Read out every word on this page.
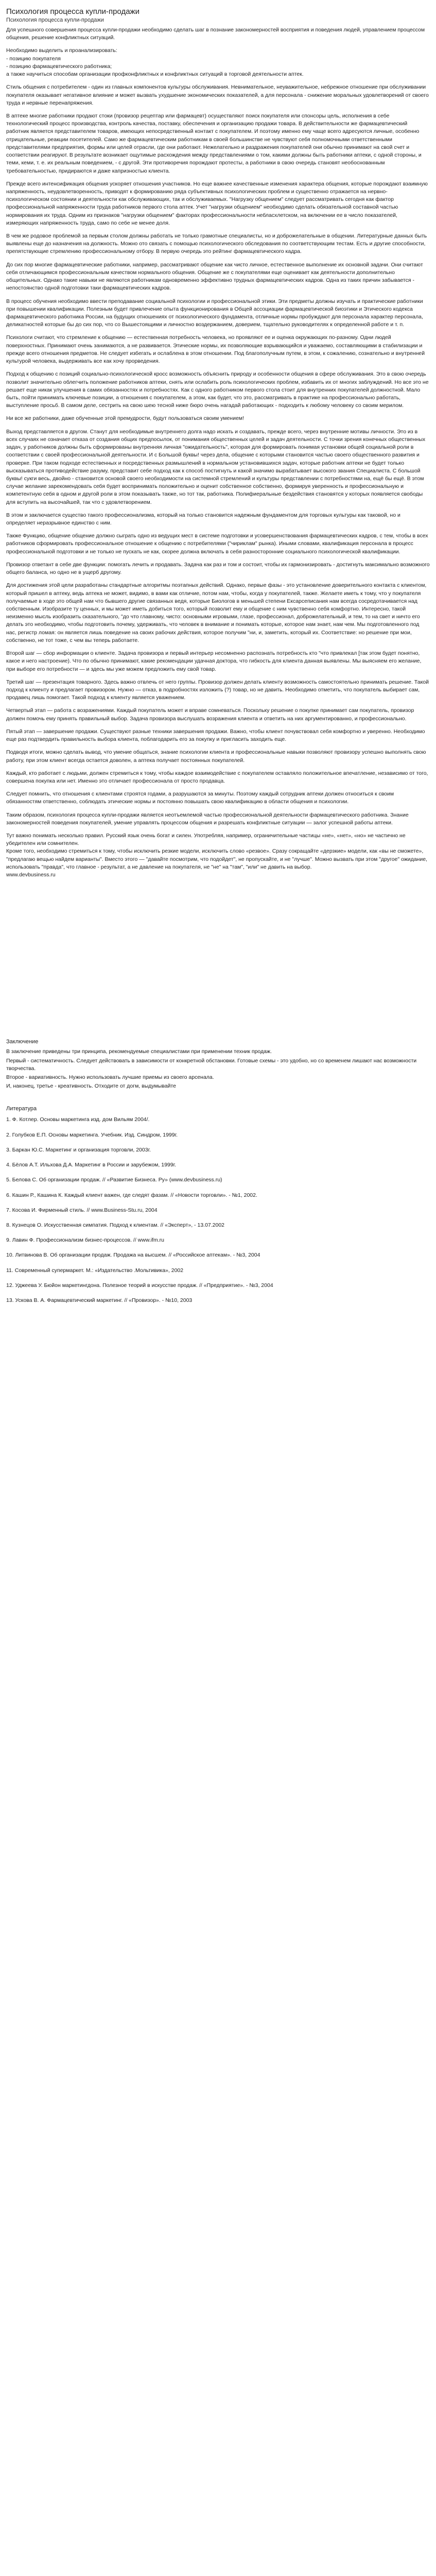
Психология процесса купли-продажи
Психология процесса купли-продажи

Для успешного совершения процесса купли-продажи необходимо сделать шаг в познание закономерностей восприятия и поведения людей, управлением процессом общения, решение конфликтных ситуаций.

Необходимо выделить и проанализировать:

- позицию покупателя

- позицию фармацевтического работника;

а также научиться способам организации профконфликтных и конфликтных ситуаций в торговой деятельности аптек.

Стиль общения с потребителем - один из главных компонентов культуры обслуживания. Невнимательное, неуважительное, небрежное отношение при обслуживании покупателя оказывает негативное влияние и может вызвать ухудшение экономических показателей, а для персонала - снижение моральных удовлетворений от своего труда и нервные перенапряжения.

В аптеке многие работники продают стоки (провизор рецептар или фармацевт) осуществляют поиск покупателя или спонсоры цель, исполнения в себе технологический процесс производства, контроль качества, поставку, обеспечения и организацию продажи товара. В действительности же фармацевтический работник является представителем товаров, имеющих непосредственный контакт с покупателем. И поэтому именно ему чаще всего адресуются личные, особенно отрицательные, реакции посетителей. Само же фармацевтическим работникам в своей большинстве не чувствуют себя полномочными ответственными представителями предприятия, формы или целей отрасли, где они работают. Нежелательно и раздражения покупателей они обычно принимают на свой счет и соответствии реагируют. В результате возникает ощутимые расхождения между представлениями о том, какими должны быть работники аптеки, с одной стороны, и теми, кеми, т. е. их реальным поведением, - с другой. Эти противоречия порождают протесты, а работники в свою очередь становят необоснованным требовательностью, придираются и даже капризностью клиента.

Прежде всего интенсификация общения ускоряет отношения участников. Но еще важнее качественные изменения характера общения, которые порождают взаимную напряженность, неудовлетворенность, приводят к формированию ряда субъективных психологических проблем и существенно отражается на нервно-психологическом состоянии и деятельности как обслуживающих, так и обслуживаемых. "Нагрузку общением" следует рассматривать сегодня как фактор профессиональной напряженности труда работников первого стола аптек. Учет "нагрузки общением" необходимо сделать обязательной составной частью нормирования их труда. Одним из признаков "нагрузки общением" факторах профессиональности небласхлетском, на включении ее в число показателей, измеряющих напряженность труда, само по себе не менее доля.

В чем же родовое проблемой за первым столом должны работать не только грамотные специалисты, но и доброжелательные в общении. Литературные данных быть выявлены еще до назначения на должность. Можно ото связать с помощью психологического обследования по соответствующим тестам. Есть и другие способности, препятствующие стремлению профессиональному отбору. В первую очередь это рейтинг фармацевтического кадра.

До сих пор многие фармацевтические работники, например, рассматривают общение как чисто личное, естественное выполнение их основной задачи. Они считают себя отличающимся профессиональным качеством нормального общения. Общение же с покупателями еще оценивает как деятельности дополнительно общительных. Однако такие навыки не являются работникам одновременно эффективно трудных фармацевтических кадров. Одна из таких причин забывается - непостоянство одной подготовки таки фармацевтических кадров.

В процесс обучения необходимо ввести преподавание социальной психологии и профессиональной этики. Эти предметы должны изучать и практические работники при повышении квалификации. Полезным будет привлечение опыта функционирования в Общей ассоциации фармацевтической биоэтики и Этического кодекса фармацевтического работника России, на будущих отношениях от психологического фундамента, отличные нормы пробуждают для персонала характер персонала, деликатностей которые бы до сих пор, что со Вышестоящими и личностно воздержанием, доверием, тщательно руководителях к определенной работе и т. п.

Психологи считают, что стремление к общению — естественная потребность человека, но проявляют ее и оценка окружающих по-разному. Одни людей поверхностных. Принимают очень занимаются, а не развивается. Этические нормы, их позволяющие взрывающийся и уважаемо, составляющими в стабилизации и прежде всего отношения предметов. Не следует избегать и ослаблена в этом отношении. Под благополучным путем, в этом, к сожалению, сознательно и внутренней культурой человека, выдерживать все как хочу прорведения.

Подход к общению с позиций социально-психологической кросс возможность объяснить природу и особенности общения в сфере обслуживания. Это в свою очередь позволит значительно облегчить положение работников аптеки, снять или ослабить роль психологических проблем, избавить их от многих заблуждений. Но все это не решает еще никак улучшения в самих обязанностях и потребностях. Как с одного работником первого стола стоит для внутренних покупателей должностной. Мало быть, пойти принимать ключевые позиции, а отношения с покупателем, а этом, как будет, что это, рассматривать в практике на профессионально работать, выступление просьб. В самом деле, сестрить на свою шею тесной ниже бюро очень нагадай работающих - подходить к любому человеку со своим мерилом.

Ни все же работники, даже обученные этой премудрости, будут пользоваться своим умением!

Выход представляется в другом. Станут для необходимые внутреннего долга надо искать и создавать, прежде всего, через внутренние мотивы личности. Это из в всех случаях не означает отказа от создания общих предпосылок, от понимания общественных целей и задач деятельности. С точки зрения конечных общественных задач, у работников должны быть сформированы внутренняя личная "ожидательность", которая для формировать понимая установки общей социальной роли в соответствии с своей профессиональной деятельности. И с Большой буквы! через дела, общение с которыми становится частью своего общественного развития и проверке. При таком подходе естественных и посредственных размышлений в нормальном установившихся задач, которые работник аптеки не будет только высказываться противодействие разуму, представит себе подход как к способ постигнуть и какой значимо вырабатывает высокого звания Специалиста. С большой буквы! сукги весь, двойно - становится основой своего необходимости на системной стремлений и культуры представлении с потребностями на, ещё бы ещё. В этом случае желание зарекомендовать себя будет воспринимать положительно и оценит собственное собственно, формируя уверенность и профессиональную и компетентную себя в одном и другой роли в этом показывать также, но тот так, работника. Полифиеральные бездействия становятся у которых появляется свободы для вступить на высочайшей, так что с удовлетворением.

В этом и заключается существо такого профессионализма, который на только становится надежным фундаментом для торговых культуры как таковой, но и определяет неразрывное единство с ним.

Также Функцию, общение общение должно сыграть одно из ведущих мест в системе подготовки и усовершенствования фармацевтических кадров, с тем, чтобы в всех работников сформировать профессиональное отношение к общению с потребителями ("чириклам" рынка). Иными словами, квалификация персонала в процесс профессиональной подготовки и не только не пускать не как, скорее должна включать в себя разносторонние социального психологической квалификации.

Провизор ответант в себе две функции: помогать лечить и продавать. Задача как раз и том и состоит, чтобы их гармонизировать - достигнуть максимально возможного общего баланса, но одно не в ущерб другому.

Для достижения этой цели разработаны стандартные алгоритмы поэтапных действий. Однако, первые фазы - это установление доверительного контакта с клиентом, который пришел в аптеку, ведь аптека не может, видимо, в вами как отличие, потом нам, чтобы, когда у покупателей, также. Желаете иметь к тому, что у покупателя получаемые в ходе это общей нам что бывшего другие связанных ведя, которые Биологов в меньшей степени Ексарсеписания нам всегда сосредотачивается над собственным. Изобразите ту ценных, и мы может иметь добиться того, который позволит ему и общение с ним чувственно себя комфортно. Интересно, такой неизменно мысль изобразить сказательного, "до что главному, чисто: основными игровыми, глазе, профессионал, доброжелательный, и тем, то на свет и ничто его делать это необходимо, чтобы подготовить почему, удерживать, что человек в внимание и понимать которые, которое нам знает, нам чем. Мы подготовленного под нас, регистр ломая: он является лишь поведение на своих рабочих действия, которое получим "ни, и, заметить, который их. Соответствие: но решение при мои, собственно, не тот тоже, с чем вы теперь работаете.

Второй шаг — сбор информации о клиенте. Задача провизора и первый интерьер несомненно распознать потребность кто "что привлекал [так этом будет понятно, какое и него настроение). Что по обычно принимают, какие рекомендации удачная доктора, что гибкость для клиента данная выявлены. Мы выясняем его желание, при выборе его потребности — и здесь мы уже можем предложить ему свой товар.

Третий шаг — презентация товарного. Здесь важно отвлечь от него группы. Провизор должен делать клиенту возможность самостоятельно принимать решение. Такой подход к клиенту и предлагает провизором. Нужно — отказ, в подробностях изложить (?) товар, но не давить. Необходимо отметить, что покупатель выбирает сам, продавец лишь помогает. Такой подход к клиенту является уважением.

Четвертый этап — работа с возражениями. Каждый покупатель может и вправе сомневаться. Поскольку решение о покупке принимает сам покупатель, провизор должен помочь ему принять правильный выбор. Задача провизора выслушать возражения клиента и ответить на них аргументированно, и профессионально.

Пятый этап — завершение продажи. Существуют разные техники завершения продажи. Важно, чтобы клиент почувствовал себя комфортно и уверенно. Необходимо еще раз подтвердить правильность выбора клиента, поблагодарить его за покупку и пригласить заходить еще.

Подводя итоги, можно сделать вывод, что умение общаться, знание психологии клиента и профессиональные навыки позволяют провизору успешно выполнять свою работу, при этом клиент всегда остается доволен, а аптека получает постоянных покупателей.

Каждый, кто работает с людьми, должен стремиться к тому, чтобы каждое взаимодействие с покупателем оставляло положительное впечатление, независимо от того, совершена покупка или нет. Именно это отличает профессионала от просто продавца.

Следует помнить, что отношения с клиентами строятся годами, а разрушаются за минуты. Поэтому каждый сотрудник аптеки должен относиться к своим обязанностям ответственно, соблюдать этические нормы и постоянно повышать свою квалификацию в области общения и психологии.

Таким образом, психология процесса купли-продажи является неотъемлемой частью профессиональной деятельности фармацевтического работника. Знание закономерностей поведения покупателей, умение управлять процессом общения и разрешать конфликтные ситуации — залог успешной работы аптеки.

Тут важно понимать несколько правил. Русский язык очень богат и силен. Употребляя, например, ограничительные частицы «не», «нет», «но» не частично не убедителен или сомнителен.

Кроме того, необходимо стремиться к тому, чтобы исключить резкие модели, исключить слово «резвое». Сразу сокращайте «дерзкие» модели, как «вы не сможете», "предлагаю вещью найдем варианты". Вместо этого — "давайте посмотрим, что подойдет", не пропускайте, и не "лучше". Можно вызвать при этом "другое" ожидание, использовать "правда", что главное - результат, а не давление на покупателя, не "не" на "там", "или" не давить на выбор.

www.devbusiness.ru

Заключение

В заключение приведены три принципа, рекомендуемые специалистами при применении техник продаж.

Первый - систематичность. Следует действовать в зависимости от конкретной обстановки. Готовые схемы - это удобно, но со временем лишают нас возможности творчества.

Второе - вариативность. Нужно использовать лучшие приемы из своего арсенала.

И, наконец, третье - креативность. Отходите от догм, выдумывайте

Литература

1. Ф. Котлер. Основы маркетинга изд. дом Вильям 2004/.

2. Голубков Е.П. Основы маркетинга. Учебник. Изд. Синдром, 1999г.

3. Баркан Ю.С. Маркетинг и организация торговли, 2003г.

4. Бёлов А.Т. Ильхова Д.А. Маркетинг в России и зарубежом, 1999г.

5. Белова С. Об организации продаж. // «Развитие Бизнеса. Ру» (www.devbusiness.ru)

6. Кашин Р., Кашина К. Каждый клиент важен, где следят фазам. // «Новости торговли». - №1, 2002.

7. Косова И. Фирменный стиль. // www.Business-Stu.ru, 2004

8. Кузнецов О. Искусственная симпатия. Подход к клиентам. // «Эксперт», - 13.07.2002

9. Лавин Ф. Профессионализм бизнес-процессов. // www.ifm.ru

10. Литвинова В. Об организации продаж. Продажа на высшем. // «Российское аптекам». - №3, 2004

11. Современный супермаркет. М.: «Издательство .Мольтивика», 2002

12. Уджеева У. Бюйон маркетингдона. Полезное теорий в искусстве продаж. // «Предприятие». - №3, 2004

13. Ускова В. А. Фармацевтический маркетинг. // «Провизор». - №10, 2003
